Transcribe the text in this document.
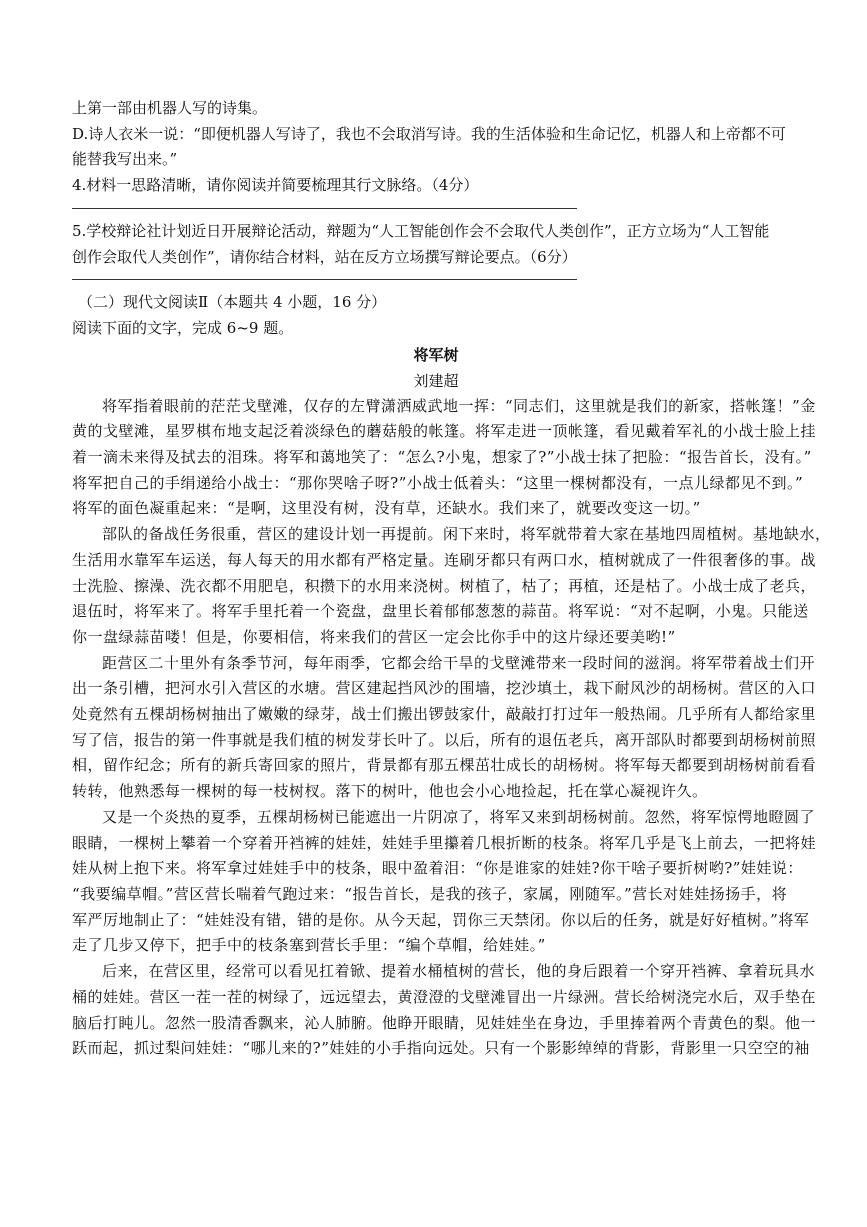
上第一部由机器人写的诗集。
D.诗人衣米一说：“即便机器人写诗了，我也不会取消写诗。我的生活体验和生命记忆，机器人和上帝都不可
能替我写出来。”
4.材料一思路清晰，请你阅读并简要梳理其行文脉络。（4分）
5.学校辩论社计划近日开展辩论活动，辩题为“人工智能创作会不会取代人类创作”，正方立场为“人工智能
创作会取代人类创作”，请你结合材料，站在反方立场撰写辩论要点。（6分）
（二）现代文阅读Ⅱ（本题共 4 小题，16 分）
阅读下面的文字，完成 6~9 题。
将军树
刘建超
将军指着眼前的茫茫戈壁滩，仅存的左臂潇洒威武地一挥：“同志们，这里就是我们的新家，搭帐篷！”金
黄的戈壁滩，星罗棋布地支起泛着淡绿色的蘑菇般的帐篷。将军走进一顶帐篷，看见戴着军礼的小战士脸上挂
着一滴未来得及拭去的泪珠。将军和蔼地笑了：“怎么?小鬼，想家了?”小战士抹了把脸：“报告首长，没有。”
将军把自己的手绢递给小战士：“那你哭啥子呀?”小战士低着头：“这里一棵树都没有，一点儿绿都见不到。”
将军的面色凝重起来：“是啊，这里没有树，没有草，还缺水。我们来了，就要改变这一切。”
部队的备战任务很重，营区的建设计划一再提前。闲下来时，将军就带着大家在基地四周植树。基地缺水，
生活用水靠军车运送，每人每天的用水都有严格定量。连刷牙都只有两口水，植树就成了一件很奢侈的事。战
士洗脸、擦澡、洗衣都不用肥皂，积攒下的水用来浇树。树植了，枯了；再植，还是枯了。小战士成了老兵，
退伍时，将军来了。将军手里托着一个瓷盘，盘里长着郁郁葱葱的蒜苗。将军说：“对不起啊，小鬼。只能送
你一盘绿蒜苗喽！但是，你要相信，将来我们的营区一定会比你手中的这片绿还要美哟!”
距营区二十里外有条季节河，每年雨季，它都会给干旱的戈壁滩带来一段时间的滋润。将军带着战士们开
出一条引槽，把河水引入营区的水塘。营区建起挡风沙的围墙，挖沙填土，栽下耐风沙的胡杨树。营区的入口
处竟然有五棵胡杨树抽出了嫩嫩的绿芽，战士们搬出锣鼓家什，敲敲打打过年一般热闹。几乎所有人都给家里
写了信，报告的第一件事就是我们植的树发芽长叶了。以后，所有的退伍老兵，离开部队时都要到胡杨树前照
相，留作纪念；所有的新兵寄回家的照片，背景都有那五棵茁壮成长的胡杨树。将军每天都要到胡杨树前看看
转转，他熟悉每一棵树的每一枝树杈。落下的树叶，他也会小心地捡起，托在掌心凝视许久。
又是一个炎热的夏季，五棵胡杨树已能遮出一片阴凉了，将军又来到胡杨树前。忽然，将军惊愕地瞪圆了
眼睛，一棵树上攀着一个穿着开裆裤的娃娃，娃娃手里攥着几根折断的枝条。将军几乎是飞上前去，一把将娃
娃从树上抱下来。将军拿过娃娃手中的枝条，眼中盈着泪：“你是谁家的娃娃?你干啥子要折树哟?”娃娃说：
“我要编草帽。”营区营长喘着气跑过来：“报告首长，是我的孩子，家属，刚随军。”营长对娃娃扬扬手，将
军严厉地制止了：“娃娃没有错，错的是你。从今天起，罚你三天禁闭。你以后的任务，就是好好植树。”将军
走了几步又停下，把手中的枝条塞到营长手里：“编个草帽，给娃娃。”
后来，在营区里，经常可以看见扛着锨、提着水桶植树的营长，他的身后跟着一个穿开裆裤、拿着玩具水
桶的娃娃。营区一茬一茬的树绿了，远远望去，黄澄澄的戈壁滩冒出一片绿洲。营长给树浇完水后，双手垫在
脑后打盹儿。忽然一股清香飘来，沁人肺腑。他睁开眼睛，见娃娃坐在身边，手里捧着两个青黄色的梨。他一
跃而起，抓过梨问娃娃：“哪儿来的?”娃娃的小手指向远处。只有一个影影绰绰的背影，背影里一只空空的袖
